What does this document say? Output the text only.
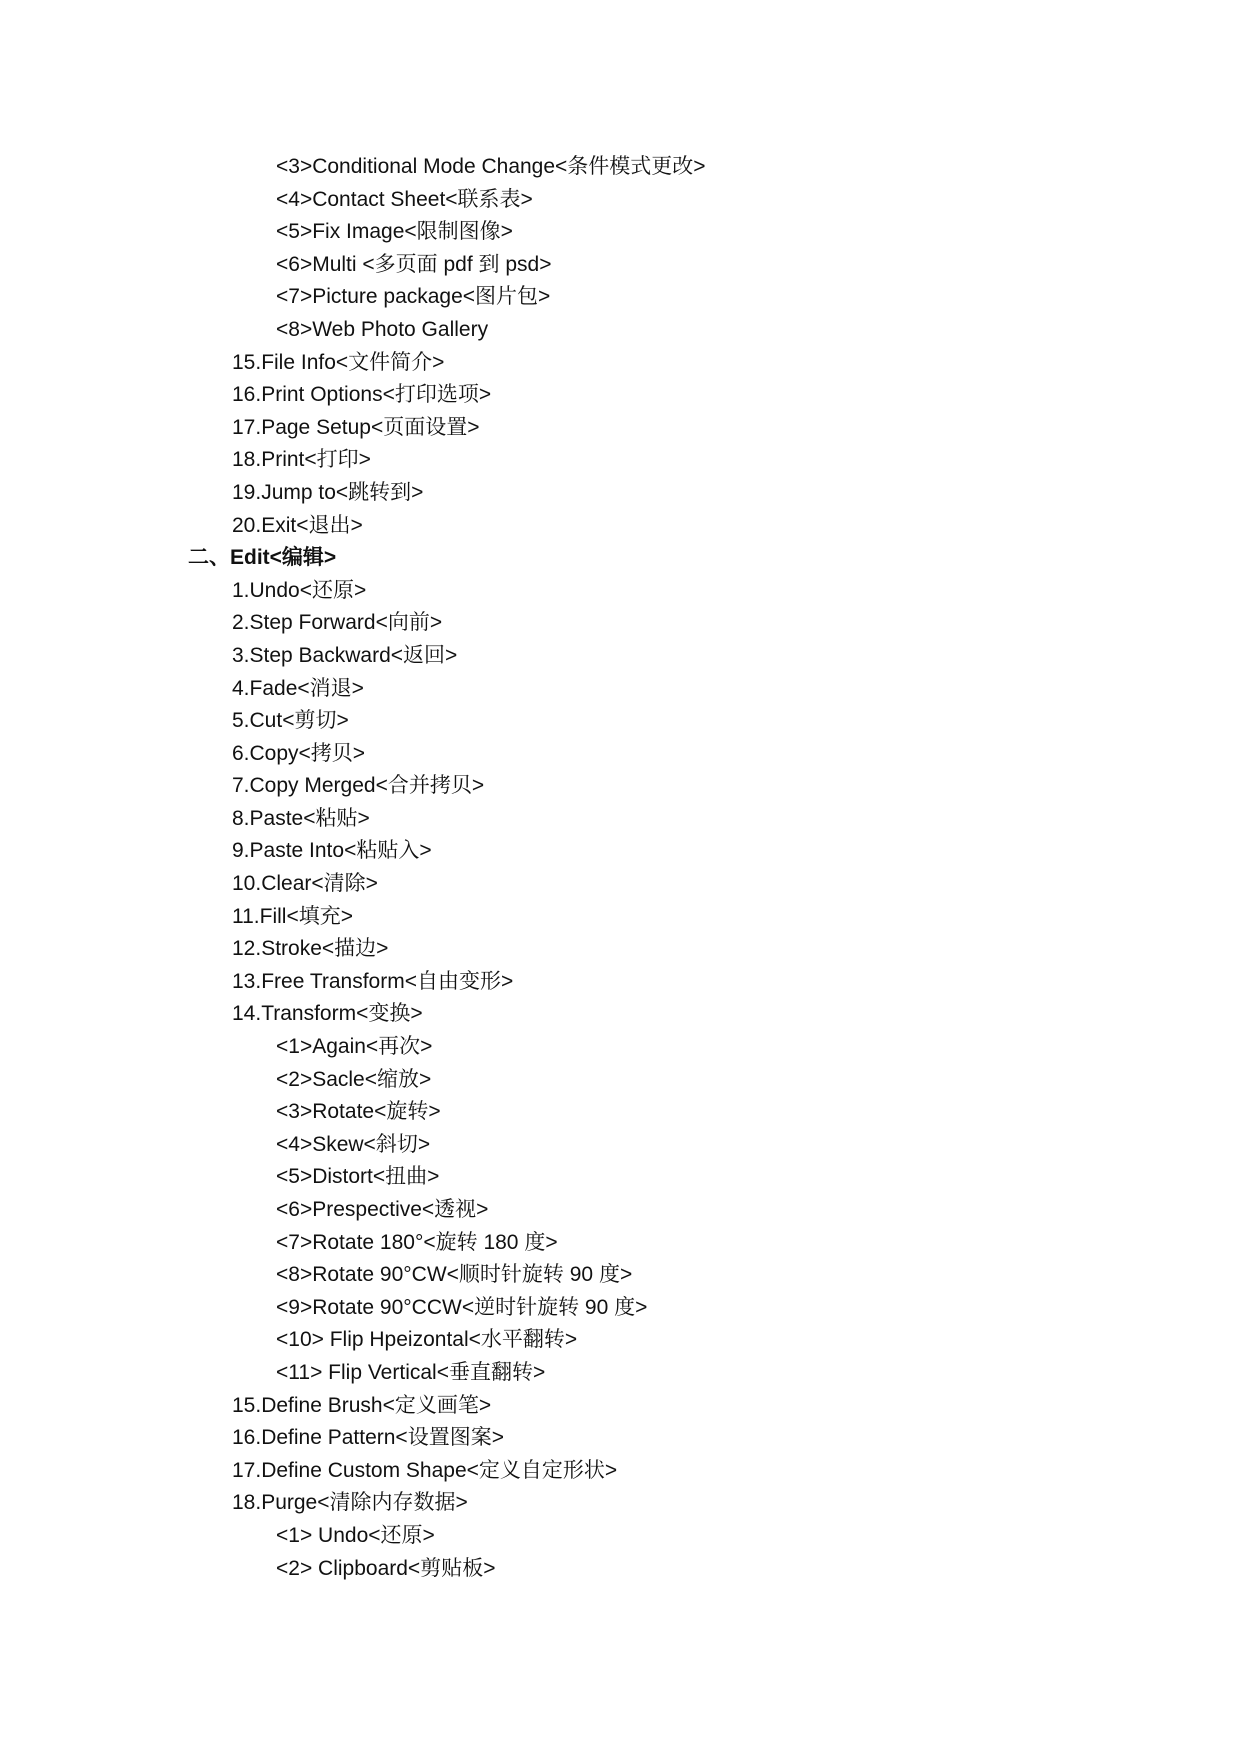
<3>Conditional Mode Change<条件模式更改>
<4>Contact Sheet<联系表>
<5>Fix Image<限制图像>
<6>Multi <多页面 pdf 到 psd>
<7>Picture package<图片包>
<8>Web Photo Gallery
15.File Info<文件简介>
16.Print Options<打印选项>
17.Page Setup<页面设置>
18.Print<打印>
19.Jump to<跳转到>
20.Exit<退出>
二、Edit<编辑>
1.Undo<还原>
2.Step Forward<向前>
3.Step Backward<返回>
4.Fade<消退>
5.Cut<剪切>
6.Copy<拷贝>
7.Copy Merged<合并拷贝>
8.Paste<粘贴>
9.Paste Into<粘贴入>
10.Clear<清除>
11.Fill<填充>
12.Stroke<描边>
13.Free Transform<自由变形>
14.Transform<变换>
<1>Again<再次>
<2>Sacle<缩放>
<3>Rotate<旋转>
<4>Skew<斜切>
<5>Distort<扭曲>
<6>Prespective<透视>
<7>Rotate 180°<旋转 180 度>
<8>Rotate 90°CW<顺时针旋转 90 度>
<9>Rotate 90°CCW<逆时针旋转 90 度>
<10> Flip Hpeizontal<水平翻转>
<11> Flip Vertical<垂直翻转>
15.Define Brush<定义画笔>
16.Define Pattern<设置图案>
17.Define Custom Shape<定义自定形状>
18.Purge<清除内存数据>
<1> Undo<还原>
<2> Clipboard<剪贴板>
